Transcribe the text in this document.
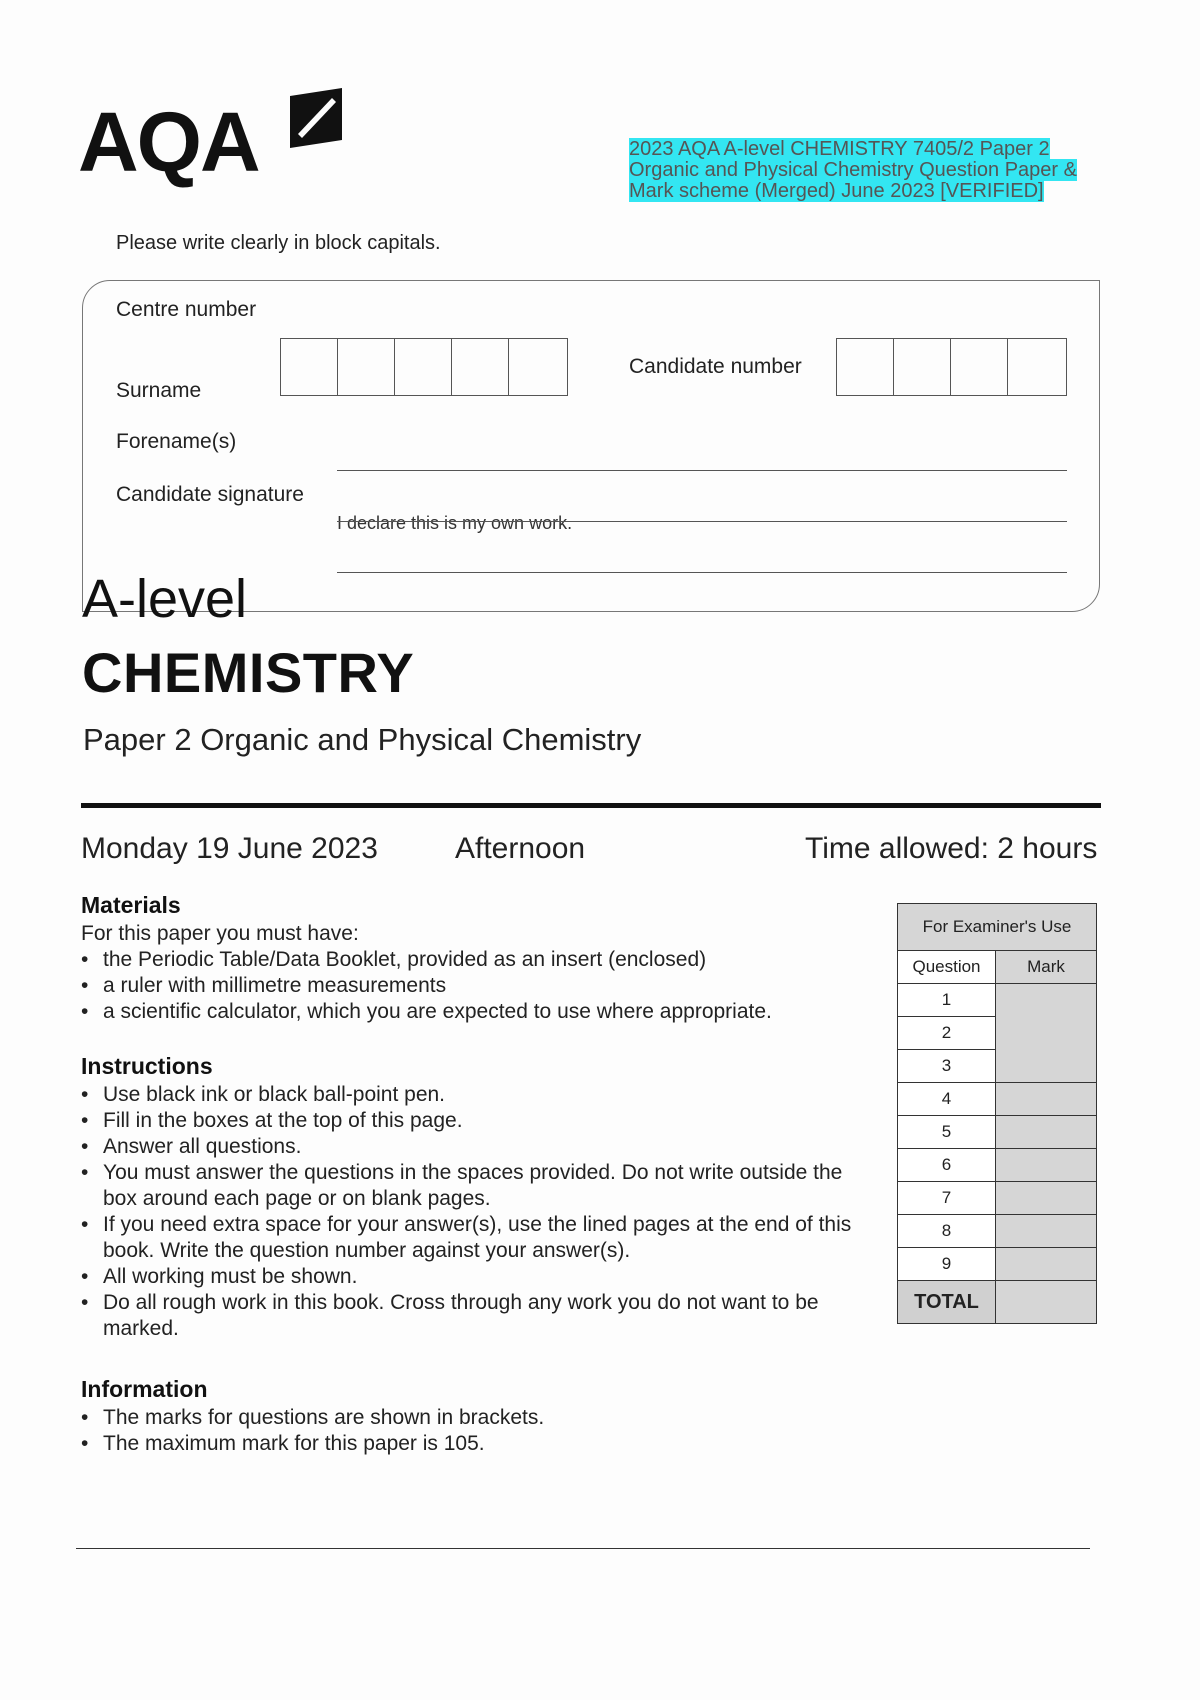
AQA	2023 AQA A-level CHEMISTRY 7405/2 Paper 2 Organic and Physical Chemistry Question Paper & Mark scheme (Merged) June 2023 [VERIFIED]
Please write clearly in block capitals.
Centre number
Candidate number
Surname
Forename(s)
Candidate signature
I declare this is my own work.
A-level
CHEMISTRY
Paper 2 Organic and Physical Chemistry
Monday 19 June 2023	Afternoon	Time allowed: 2 hours
Materials
For this paper you must have:
• the Periodic Table/Data Booklet, provided as an insert (enclosed)
• a ruler with millimetre measurements
• a scientific calculator, which you are expected to use where appropriate.
Instructions
• Use black ink or black ball-point pen.
• Fill in the boxes at the top of this page.
• Answer all questions.
• You must answer the questions in the spaces provided. Do not write outside the box around each page or on blank pages.
• If you need extra space for your answer(s), use the lined pages at the end of this book. Write the question number against your answer(s).
• All working must be shown.
• Do all rough work in this book. Cross through any work you do not want to be marked.
Information
• The marks for questions are shown in brackets.
• The maximum mark for this paper is 105.
For Examiner's Use	
Question	Mark
1	
2	
3	
4	
5	
6	
7	
8	
9	
TOTAL	
